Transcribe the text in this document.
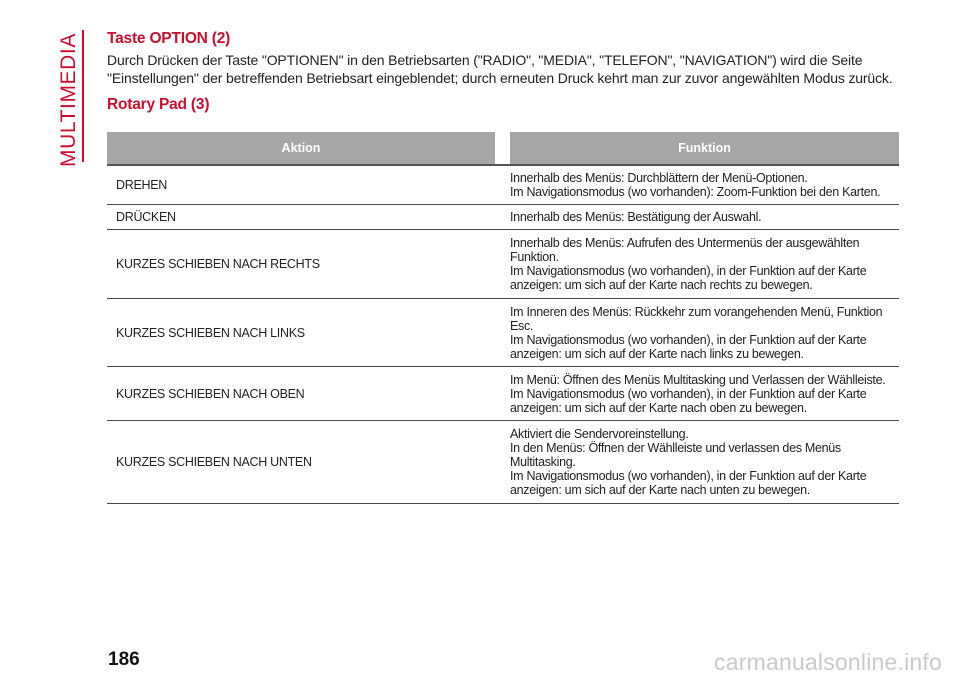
MULTIMEDIA Taste OPTION (2)

Durch Drücken der Taste "OPTIONEN" in den Betriebsarten ("RADIO", "MEDIA", "TELEFON", "NAVIGATION") wird die Seite
"Einstellungen" der betreffenden Betriebsart eingeblendet; durch erneuten Druck kehrt man zur zuvor angewählten Modus zurück.

Rotary Pad (3)
Aktion		Funktion
DREHEN		Innerhalb des Menüs: Durchblättern der Menü-Optionen.
Im Navigationsmodus (wo vorhanden): Zoom-Funktion bei den Karten.

DRÜCKEN		Innerhalb des Menüs: Bestätigung der Auswahl.

KURZES SCHIEBEN NACH RECHTS		Innerhalb des Menüs: Aufrufen des Untermenüs der ausgewählten
Funktion.
Im Navigationsmodus (wo vorhanden), in der Funktion auf der Karte
anzeigen: um sich auf der Karte nach rechts zu bewegen.

KURZES SCHIEBEN NACH LINKS		Im Inneren des Menüs: Rückkehr zum vorangehenden Menü, Funktion
Esc.
Im Navigationsmodus (wo vorhanden), in der Funktion auf der Karte
anzeigen: um sich auf der Karte nach links zu bewegen.

KURZES SCHIEBEN NACH OBEN		Im Menü: Öffnen des Menüs Multitasking und Verlassen der Wählleiste.
Im Navigationsmodus (wo vorhanden), in der Funktion auf der Karte
anzeigen: um sich auf der Karte nach oben zu bewegen.

KURZES SCHIEBEN NACH UNTEN		Aktiviert die Sendervoreinstellung.
In den Menüs: Öffnen der Wählleiste und verlassen des Menüs
Multitasking.
Im Navigationsmodus (wo vorhanden), in der Funktion auf der Karte
anzeigen: um sich auf der Karte nach unten zu bewegen.
186	carmanualsonline.info
